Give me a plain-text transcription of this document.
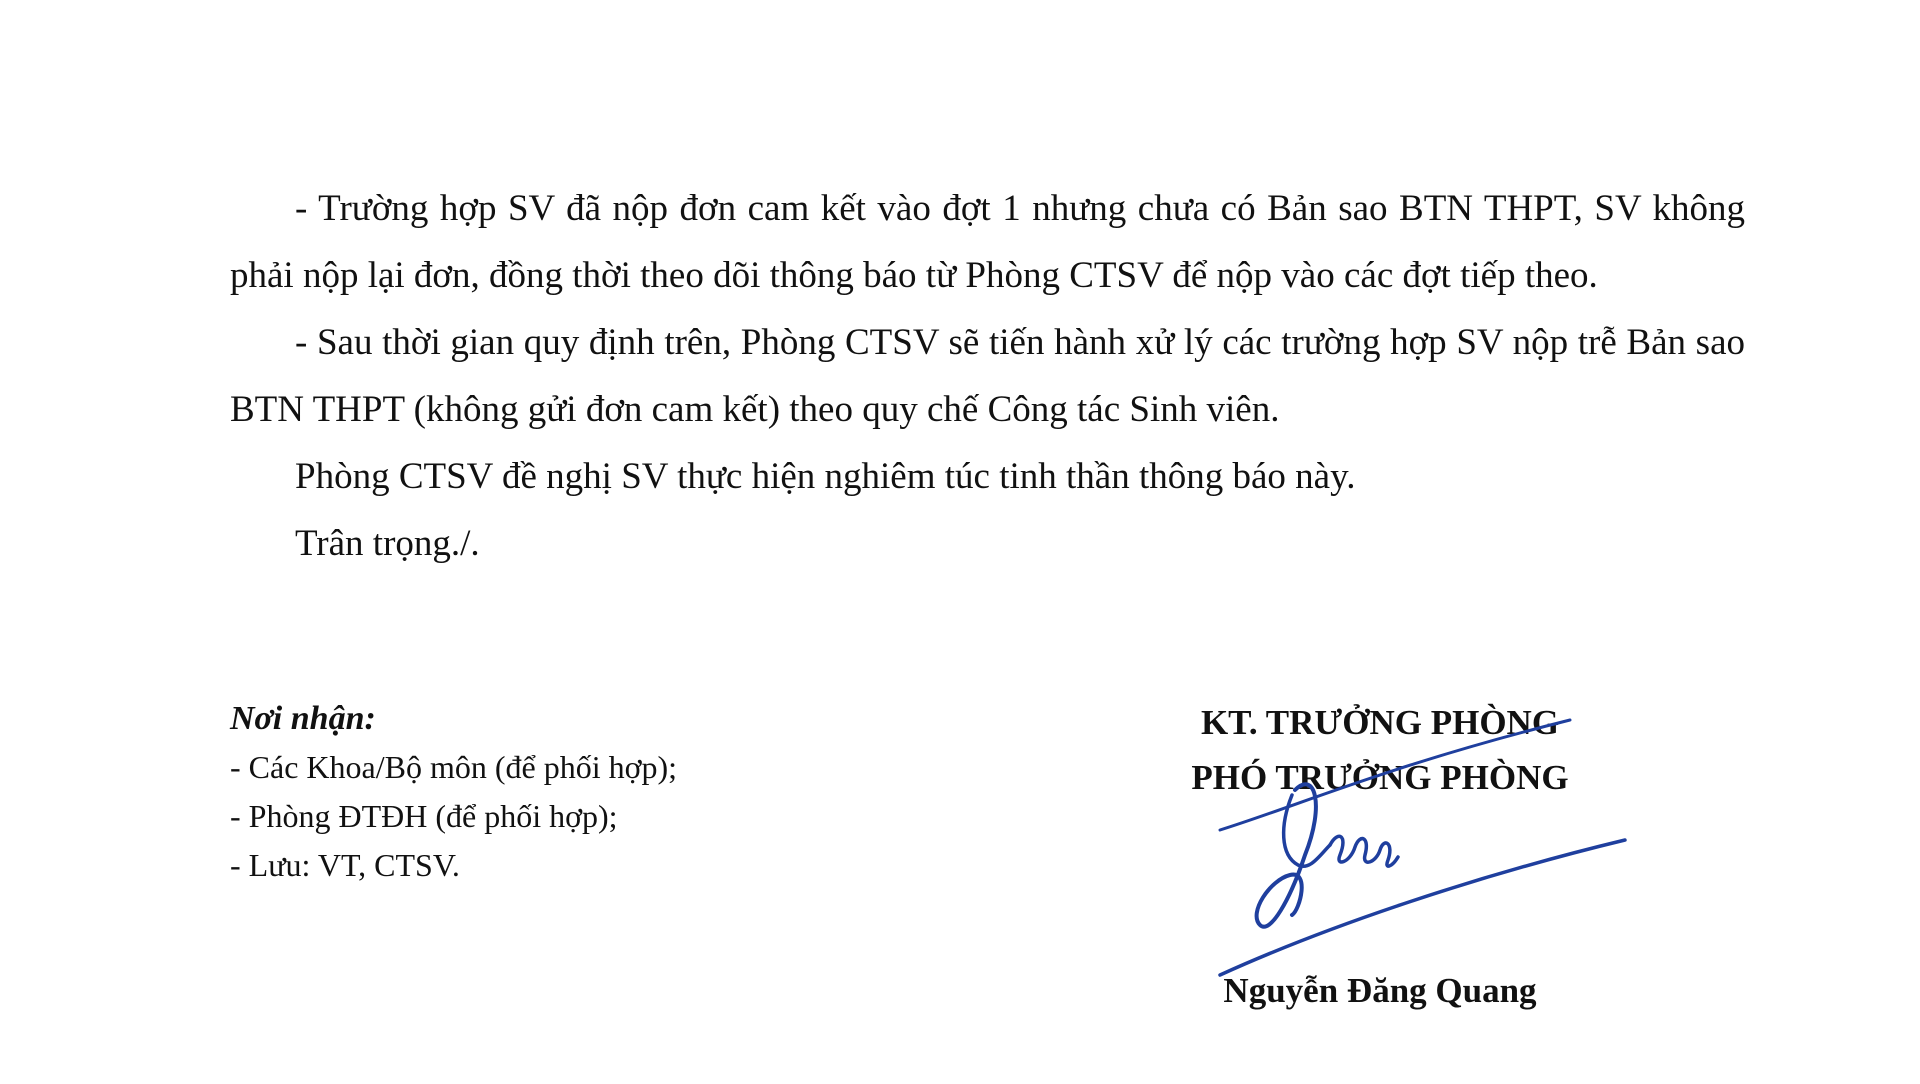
- Trường hợp SV đã nộp đơn cam kết vào đợt 1 nhưng chưa có Bản sao BTN THPT, SV không phải nộp lại đơn, đồng thời theo dõi thông báo từ Phòng CTSV để nộp vào các đợt tiếp theo.

- Sau thời gian quy định trên, Phòng CTSV sẽ tiến hành xử lý các trường hợp SV nộp trễ Bản sao BTN THPT (không gửi đơn cam kết) theo quy chế Công tác Sinh viên.

Phòng CTSV đề nghị SV thực hiện nghiêm túc tinh thần thông báo này.

Trân trọng./.

Nơi nhận:
- Các Khoa/Bộ môn (để phối hợp);
- Phòng ĐTĐH (để phối hợp);
- Lưu: VT, CTSV.
KT. TRƯỞNG PHÒNG
PHÓ TRƯỞNG PHÒNG
Nguyễn Đăng Quang
